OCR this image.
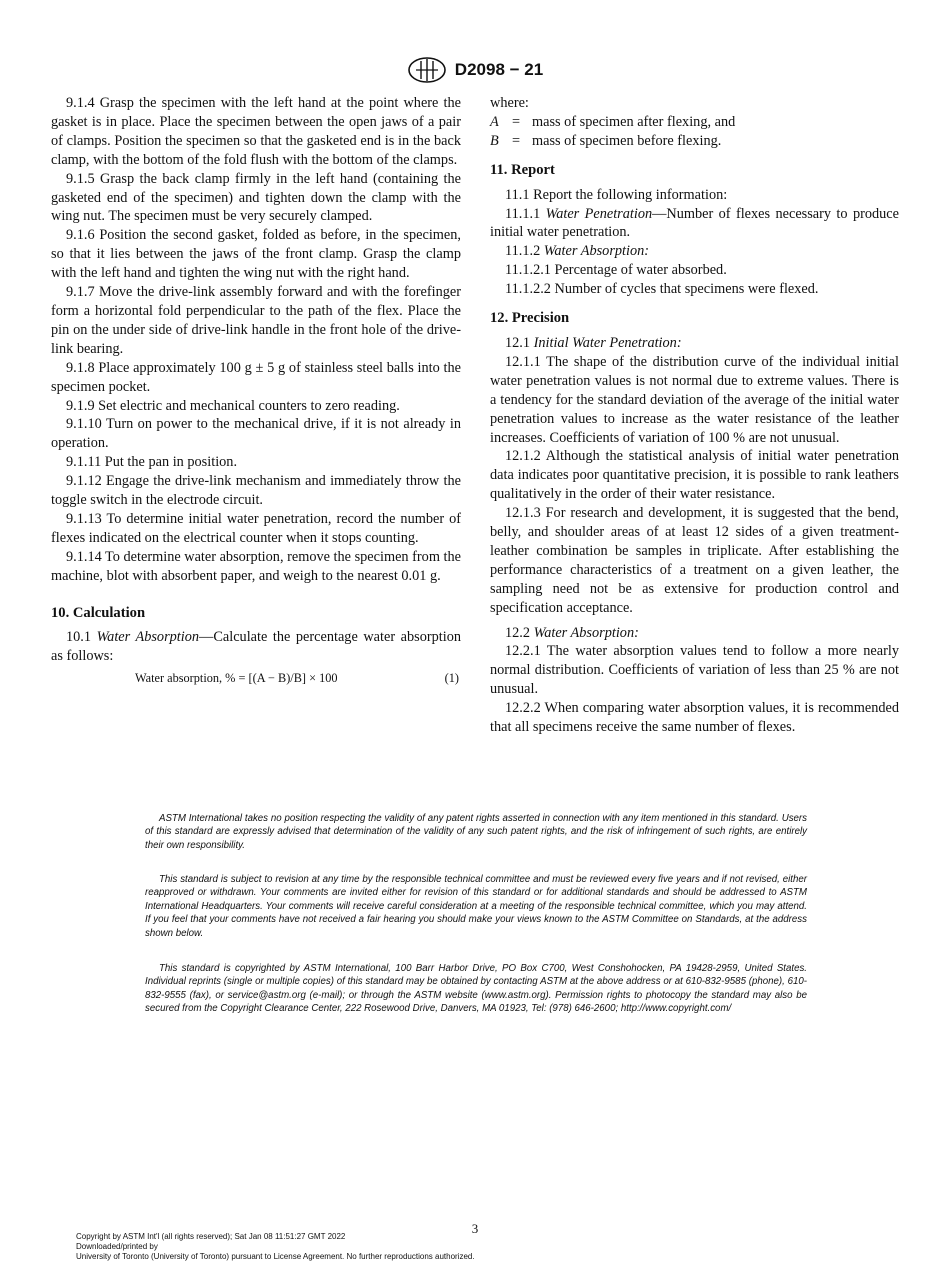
D2098 − 21

9.1.4 Grasp the specimen with the left hand at the point where the gasket is in place. Place the specimen between the open jaws of a pair of clamps. Position the specimen so that the gasketed end is in the back clamp, with the bottom of the fold flush with the bottom of the clamps.

9.1.5 Grasp the back clamp firmly in the left hand (containing the gasketed end of the specimen) and tighten down the clamp with the wing nut. The specimen must be very securely clamped.

9.1.6 Position the second gasket, folded as before, in the specimen, so that it lies between the jaws of the front clamp. Grasp the clamp with the left hand and tighten the wing nut with the right hand.

9.1.7 Move the drive-link assembly forward and with the forefinger form a horizontal fold perpendicular to the path of the flex. Place the pin on the under side of drive-link handle in the front hole of the drive-link bearing.

9.1.8 Place approximately 100 g ± 5 g of stainless steel balls into the specimen pocket.

9.1.9 Set electric and mechanical counters to zero reading.

9.1.10 Turn on power to the mechanical drive, if it is not already in operation.

9.1.11 Put the pan in position.

9.1.12 Engage the drive-link mechanism and immediately throw the toggle switch in the electrode circuit.

9.1.13 To determine initial water penetration, record the number of flexes indicated on the electrical counter when it stops counting.

9.1.14 To determine water absorption, remove the specimen from the machine, blot with absorbent paper, and weigh to the nearest 0.01 g.

10. Calculation

10.1 Water Absorption—Calculate the percentage water absorption as follows:

Water absorption, % = [(A − B)/B] × 100	(1)

where:

A = mass of specimen after flexing, and
B = mass of specimen before flexing.
11. Report

11.1 Report the following information:

11.1.1 Water Penetration—Number of flexes necessary to produce initial water penetration.

11.1.2 Water Absorption:

11.1.2.1 Percentage of water absorbed.

11.1.2.2 Number of cycles that specimens were flexed.

12. Precision

12.1 Initial Water Penetration:

12.1.1 The shape of the distribution curve of the individual initial water penetration values is not normal due to extreme values. There is a tendency for the standard deviation of the average of the initial water penetration values to increase as the water resistance of the leather increases. Coefficients of variation of 100 % are not unusual.

12.1.2 Although the statistical analysis of initial water penetration data indicates poor quantitative precision, it is possible to rank leathers qualitatively in the order of their water resistance.

12.1.3 For research and development, it is suggested that the bend, belly, and shoulder areas of at least 12 sides of a given treatment-leather combination be samples in triplicate. After establishing the performance characteristics of a treatment on a given leather, the sampling need not be as extensive for production control and specification acceptance.

12.2 Water Absorption:

12.2.1 The water absorption values tend to follow a more nearly normal distribution. Coefficients of variation of less than 25 % are not unusual.

12.2.2 When comparing water absorption values, it is recommended that all specimens receive the same number of flexes.

ASTM International takes no position respecting the validity of any patent rights asserted in connection with any item mentioned in this standard. Users of this standard are expressly advised that determination of the validity of any such patent rights, and the risk of infringement of such rights, are entirely their own responsibility.

This standard is subject to revision at any time by the responsible technical committee and must be reviewed every five years and if not revised, either reapproved or withdrawn. Your comments are invited either for revision of this standard or for additional standards and should be addressed to ASTM International Headquarters. Your comments will receive careful consideration at a meeting of the responsible technical committee, which you may attend. If you feel that your comments have not received a fair hearing you should make your views known to the ASTM Committee on Standards, at the address shown below.

This standard is copyrighted by ASTM International, 100 Barr Harbor Drive, PO Box C700, West Conshohocken, PA 19428-2959, United States. Individual reprints (single or multiple copies) of this standard may be obtained by contacting ASTM at the above address or at 610-832-9585 (phone), 610-832-9555 (fax), or service@astm.org (e-mail); or through the ASTM website (www.astm.org). Permission rights to photocopy the standard may also be secured from the Copyright Clearance Center, 222 Rosewood Drive, Danvers, MA 01923, Tel: (978) 646-2600; http://www.copyright.com/

3
Copyright by ASTM Int'l (all rights reserved); Sat Jan 08 11:51:27 GMT 2022
Downloaded/printed by
University of Toronto (University of Toronto) pursuant to License Agreement. No further reproductions authorized.
